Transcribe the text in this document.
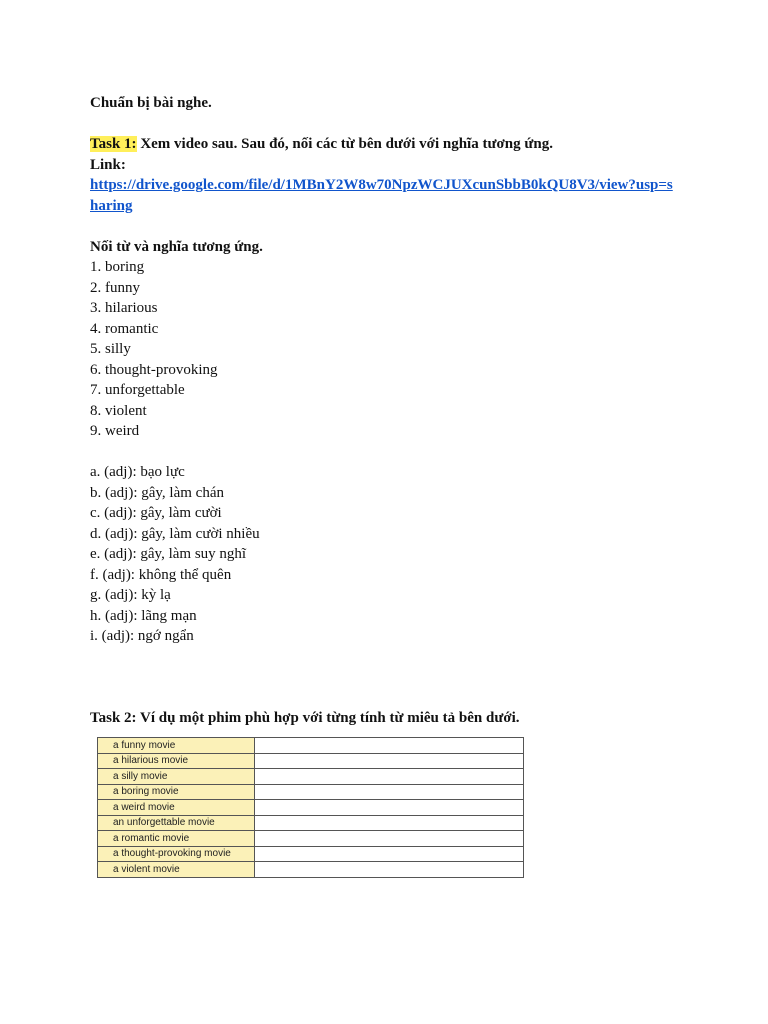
Chuẩn bị bài nghe.
Task 1: Xem video sau. Sau đó, nối các từ bên dưới với nghĩa tương ứng.
Link:
https://drive.google.com/file/d/1MBnY2W8w70NpzWCJUXcunSbbB0kQU8V3/view?usp=sharing
Nối từ và nghĩa tương ứng.
1. boring
2. funny
3. hilarious
4. romantic
5. silly
6. thought-provoking
7. unforgettable
8. violent
9. weird
a. (adj): bạo lực
b. (adj): gây, làm chán
c. (adj): gây, làm cười
d. (adj): gây, làm cười nhiều
e. (adj): gây, làm suy nghĩ
f. (adj): không thể quên
g. (adj): kỳ lạ
h. (adj): lãng mạn
i. (adj): ngớ ngẩn
Task 2: Ví dụ một phim phù hợp với từng tính từ miêu tả bên dưới.
a funny movie	
a hilarious movie	
a silly movie	
a boring movie	
a weird movie	
an unforgettable movie	
a romantic movie	
a thought-provoking movie	
a violent movie	
